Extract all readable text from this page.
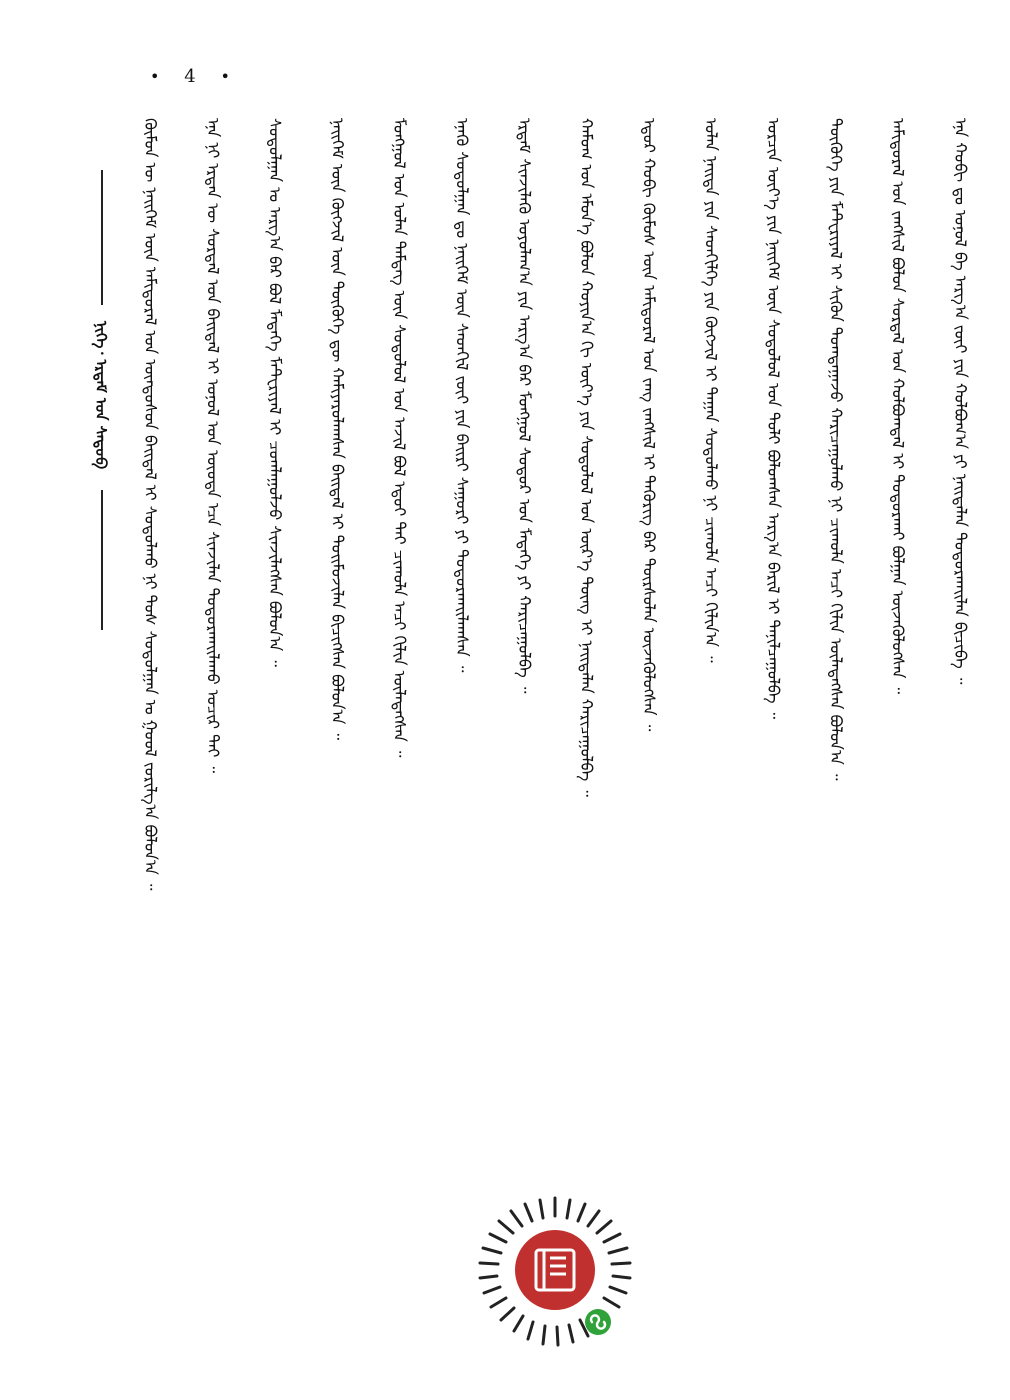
• 4 •
ᠨᠢᠭᠡ᠂ ᠡᠷᠳᠡᠮ ᠤᠨ ᠰᠡᠳᠦᠪ	ᠬᠦᠮᠦᠨ ᠦ ᠨᠡᠢᠭᠡᠮ ᠦᠨ ᠠᠮᠢᠳᠤᠷᠠᠯ ᠤᠨ ᠦᠨᠳᠦᠰᠦᠨ ᠪᠠᠢᠳᠠᠯ ᠢ ᠰᠤᠳᠤᠯᠬᠤ ᠨᠢ ᠲᠤᠰ ᠰᠤᠳᠤᠯᠭᠠᠨ ᠤ ᠭᠤᠤᠯ ᠵᠣᠷᠢᠯᠭ᠎ᠠ ᠪᠣᠯᠤᠨ᠎ᠠ ᠃	ᠡᠨᠡ ᠨᠢ ᠡᠷᠲᠡᠨ ᠦ ᠰᠤᠷᠲᠠᠯ ᠤᠨ ᠪᠠᠢᠳᠠᠯ ᠢ ᠣᠨᠣᠯ ᠤᠨ ᠦᠦᠳᠡ ᠡᠴᠡ ᠰᠢᠨᠵᠢᠯᠡᠨ ᠲᠣᠳᠤᠷᠬᠠᠢᠯᠠᠬᠤ ᠤᠴᠢᠷ ᠲᠠᠢ ᠃	ᠰᠤᠳᠤᠯᠭᠠᠨ ᠤ ᠠᠷᠭ᠎ᠠ ᠪᠠᠷ ᠪᠣᠯ ᠮᠡᠳᠡᠭᠡ ᠮᠠᠲ᠋ᠸᠷᠢᠶᠠᠯ ᠢ ᠴᠤᠭᠯᠠᠭᠤᠯᠵᠤ ᠰᠢᠨᠵᠢᠯᠡᠭᠰᠡᠨ ᠪᠣᠯᠤᠨ᠎ᠠ ᠃	ᠨᠡᠢᠭᠡᠮ ᠦᠨ ᠬᠥᠭᠵᠢᠯ ᠦᠨ ᠲᠦᠭᠦᠬᠡ ᠳᠦ ᠬᠠᠮᠢᠶᠠᠷᠤᠯᠠᠭᠰᠠᠨ ᠪᠠᠢᠳᠠᠯ ᠢ ᠲᠣᠢᠮᠤᠵᠢᠯᠠᠨ ᠪᠢᠴᠢᠭᠰᠡᠨ ᠪᠣᠯᠤᠨ᠎ᠠ ᠃	ᠮᠣᠩᠭᠣᠯ ᠤᠨ ᠣᠯᠠᠨ ᠲᠡᠮᠳᠡᠭ ᠦᠨ ᠰᠤᠳᠤᠯᠤᠯ ᠤᠨ ᠠᠵᠢᠯ ᠪᠣᠯ ᠡᠳᠦᠢ ᠲᠡᠢ ᠴᠢᠬᠤᠯᠠ ᠠᠴᠢ ᠬᠢᠯᠢᠨ ᠦᠯᠡᠳᠡᠭᠰᠡᠨ ᠃	ᠡᠨᠡᠬᠦ ᠰᠤᠳᠤᠯᠭᠠᠨ ᠳᠤ ᠨᠡᠢᠭᠡᠮ ᠦᠨ ᠰᠡᠳᠬᠢᠯ ᠵᠦᠢ ᠶᠢᠨ ᠪᠠᠢᠷᠢ ᠰᠠᠭᠤᠷᠢ ᠶᠢ ᠲᠣᠳᠤᠷᠬᠠᠢᠯᠠᠭᠰᠠᠨ ᠃	ᠡᠷᠳᠡᠮ ᠰᠢᠨᠵᠢᠯᠡᠬᠦ ᠤᠶᠤᠯᠠᠭ᠎ᠠ ᠶᠢᠨ ᠠᠷᠭ᠎ᠠ ᠪᠠᠷ ᠮᠣᠩᠭᠣᠯ ᠰᠤᠳᠤᠷ ᠤᠨ ᠮᠡᠳᠡᠭᠡ ᠶᠢ ᠬᠠᠷᠢᠴᠠᠭᠤᠯᠪᠠ ᠃	ᠬᠠᠮᠤᠭ ᠤᠨ ᠡᠮᠦᠨ᠎ᠡ ᠪᠣᠯᠤᠨ ᠬᠣᠶᠢᠨ᠎ᠠ ᠬᠢ ᠦᠶ᠎ᠡ ᠶᠢᠨ ᠰᠤᠳᠤᠯᠤᠯ ᠤᠨ ᠦᠷ᠎ᠡ ᠳᠦᠩ ᠢ ᠨᠡᠢᠲᠡᠯᠡᠨ ᠬᠠᠷᠢᠴᠠᠭᠤᠯᠪᠠ ᠃	ᠡᠳᠦᠷ ᠬᠤᠪᠢ ᠬᠥᠮᠦᠰ ᠦᠨ ᠠᠮᠢᠳᠤᠷᠠᠯ ᠤᠨ ᠵᠠᠩ ᠵᠠᠩᠱᠢᠯ ᠢ ᠲᠡᠭᠦᠷᠢᠭ ᠪᠠᠷ ᠳᠦᠷᠰᠦᠯᠡᠨ ᠦᠵᠡᠭᠦᠯᠦᠭᠰᠡᠨ ᠃	ᠣᠯᠠᠨ ᠨᠡᠢᠲᠡ ᠶᠢᠨ ᠰᠡᠳᠬᠢᠯᠭᠡ ᠶᠢᠨ ᠬᠥᠭᠵᠢᠯ ᠢ ᠳᠠᠭᠠᠨ ᠰᠤᠳᠤᠯᠬᠤ ᠨᠢ ᠴᠢᠬᠤᠯᠠ ᠠᠴᠢ ᠬᠢᠯᠢᠨ᠎ᠠ ᠃	ᠣᠷᠴᠢᠨ ᠦᠶ᠎ᠡ ᠶᠢᠨ ᠨᠡᠢᠭᠡᠮ ᠦᠨ ᠰᠤᠳᠤᠯᠤᠯ ᠤᠨ ᠲᠣᠯᠢ ᠪᠣᠯᠤᠭᠰᠠᠨ ᠠᠷᠭ᠎ᠠ ᠪᠠᠷᠢᠯ ᠢ ᠲᠠᠨᠢᠯᠴᠠᠭᠤᠯᠪᠠ ᠃	ᠲᠦᠭᠦᠬᠡ ᠶᠢᠨ ᠮᠠᠲ᠋ᠸᠷᠢᠶᠠᠯ ᠢ ᠰᠢᠭᠦᠨ ᠲᠣᠭᠲᠠᠭᠠᠵᠤ ᠬᠠᠷᠢᠴᠠᠭᠤᠯᠬᠤ ᠨᠢ ᠴᠢᠬᠤᠯᠠ ᠠᠴᠢ ᠬᠢᠯᠢᠨ ᠦᠯᠡᠳᠡᠭᠰᠡᠨ ᠪᠣᠯᠤᠨ᠎ᠠ ᠃	ᠠᠮᠢᠳᠤᠷᠠᠯ ᠤᠨ ᠵᠠᠩᠱᠢᠯ ᠪᠣᠯᠤᠨ ᠰᠤᠷᠲᠠᠯ ᠤᠨ ᠬᠣᠯᠪᠣᠭᠳᠠᠯ ᠢ ᠲᠣᠳᠤᠷᠬᠠᠢ ᠪᠣᠯᠭᠠᠨ ᠦᠵᠡᠭᠦᠯᠦᠭᠰᠡᠨ ᠃	ᠡᠨᠡ ᠬᠤᠪᠢ ᠳᠤ ᠣᠨᠣᠯ ᠪᠠ ᠠᠷᠭ᠎ᠠ ᠵᠦᠢ ᠶᠢᠨ ᠬᠣᠯᠪᠣᠭ᠎ᠠ ᠶᠢ ᠨᠡᠢᠲᠡᠯᠡᠨ ᠲᠣᠳᠤᠷᠬᠠᠢᠯᠠᠨ ᠪᠢᠴᠢᠪᠡ ᠃
